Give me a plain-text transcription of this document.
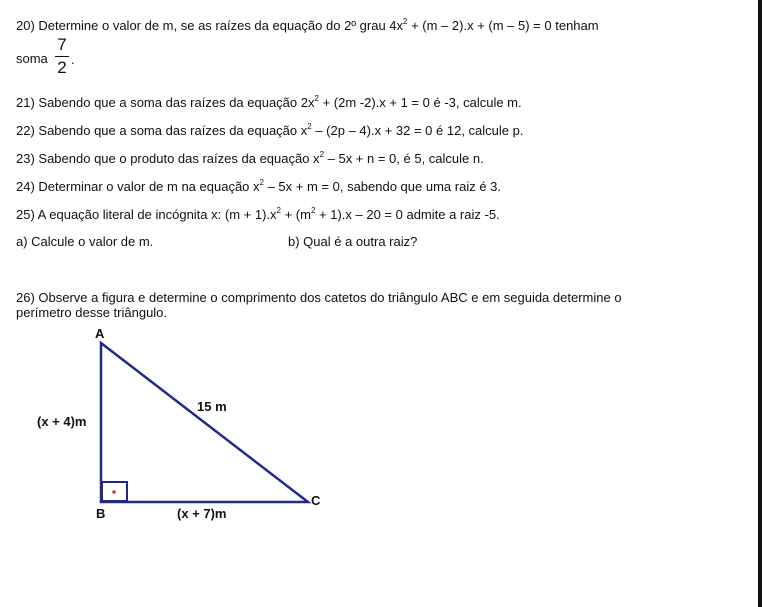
20) Determine o valor de m, se as raízes da equação do 2º grau $4x^2 + (m - 2).x + (m - 5) = 0$ tenham
soma
7
2 .
21) Sabendo que a soma das raízes da equação $2x^2 + (2m$ -2).x + 1 = 0 é -3, calcule m.
22) Sabendo que a soma das raízes da equação $x^2 - (2p - 4).x + 32 = 0$ é 12, calcule p.
23) Sabendo que o produto das raízes da equação $x^2 - 5x + n = 0$, é 5, calcule n.
24) Determinar o valor de m na equação $x^2 - 5x + m = 0$, sabendo que uma raiz é 3.
25) A equação literal de incógnita x: $(m + 1).x^2 + (m^2 + 1).x - 20 = 0$ admite a raiz -5.
a) Calcule o valor de m.	b) Qual é a outra raiz?
26) Observe a figura e determine o comprimento dos catetos do triângulo ABC e em seguida determine o
perímetro desse triângulo.
A
B
C
15 m
(x + 4)m
(x + 7)m
